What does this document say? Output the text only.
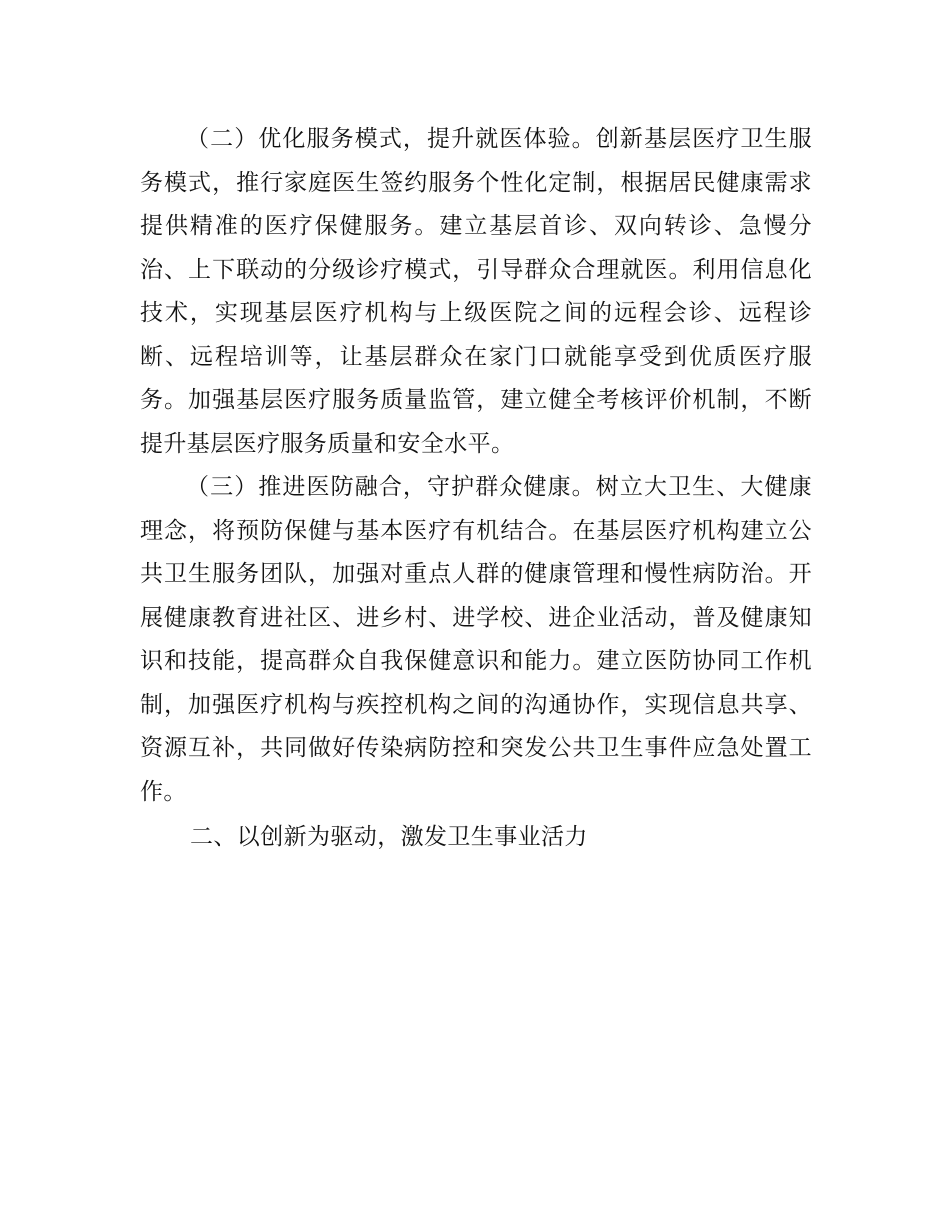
（二）优化服务模式，提升就医体验。创新基层医疗卫生服务模式，推行家庭医生签约服务个性化定制，根据居民健康需求提供精准的医疗保健服务。建立基层首诊、双向转诊、急慢分治、上下联动的分级诊疗模式，引导群众合理就医。利用信息化技术，实现基层医疗机构与上级医院之间的远程会诊、远程诊断、远程培训等，让基层群众在家门口就能享受到优质医疗服务。加强基层医疗服务质量监管，建立健全考核评价机制，不断提升基层医疗服务质量和安全水平。

（三）推进医防融合，守护群众健康。树立大卫生、大健康理念，将预防保健与基本医疗有机结合。在基层医疗机构建立公共卫生服务团队，加强对重点人群的健康管理和慢性病防治。开展健康教育进社区、进乡村、进学校、进企业活动，普及健康知识和技能，提高群众自我保健意识和能力。建立医防协同工作机制，加强医疗机构与疾控机构之间的沟通协作，实现信息共享、资源互补，共同做好传染病防控和突发公共卫生事件应急处置工作。

二、以创新为驱动，激发卫生事业活力
